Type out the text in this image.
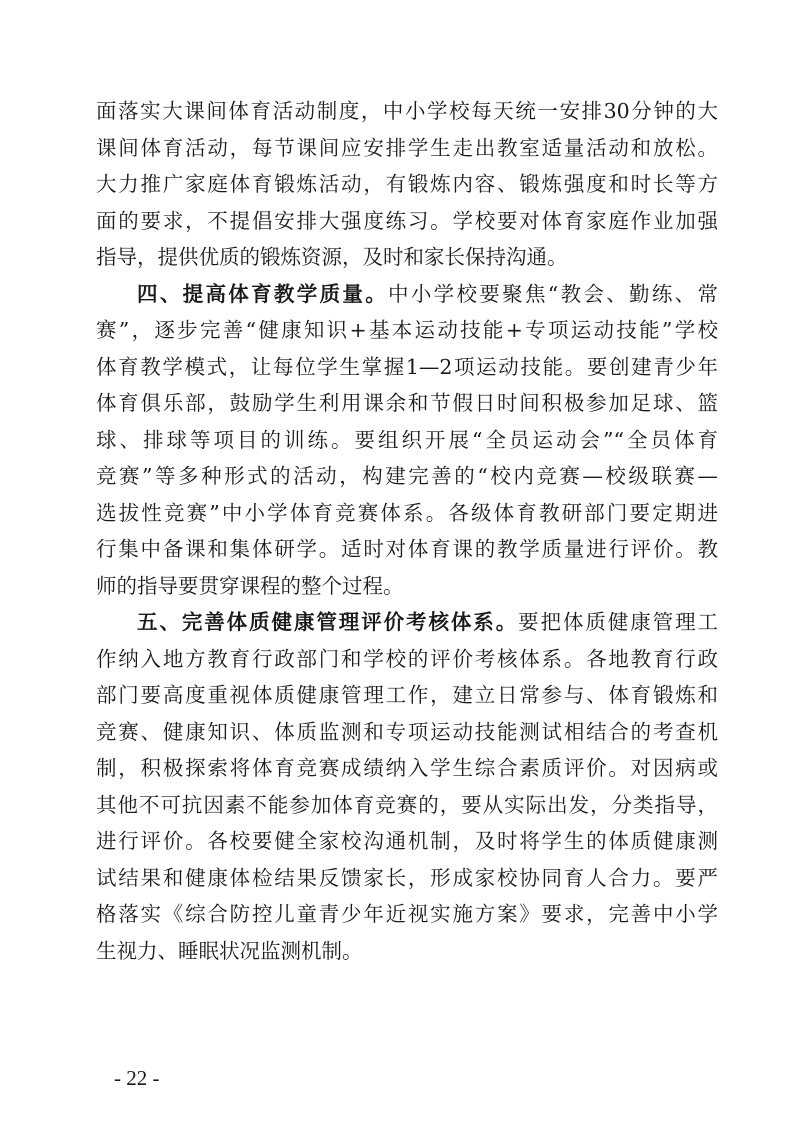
面落实大课间体育活动制度，中小学校每天统一安排30分钟的大
课间体育活动，每节课间应安排学生走出教室适量活动和放松。
大力推广家庭体育锻炼活动，有锻炼内容、锻炼强度和时长等方
面的要求，不提倡安排大强度练习。学校要对体育家庭作业加强
指导，提供优质的锻炼资源，及时和家长保持沟通。
四、提高体育教学质量。中小学校要聚焦“教会、勤练、常
赛”，逐步完善“健康知识+基本运动技能+专项运动技能”学校
体育教学模式，让每位学生掌握1—2项运动技能。要创建青少年
体育俱乐部，鼓励学生利用课余和节假日时间积极参加足球、篮
球、排球等项目的训练。要组织开展“全员运动会”“全员体育
竞赛”等多种形式的活动，构建完善的“校内竞赛—校级联赛—
选拔性竞赛”中小学体育竞赛体系。各级体育教研部门要定期进
行集中备课和集体研学。适时对体育课的教学质量进行评价。教
师的指导要贯穿课程的整个过程。
五、完善体质健康管理评价考核体系。要把体质健康管理工
作纳入地方教育行政部门和学校的评价考核体系。各地教育行政
部门要高度重视体质健康管理工作，建立日常参与、体育锻炼和
竞赛、健康知识、体质监测和专项运动技能测试相结合的考查机
制，积极探索将体育竞赛成绩纳入学生综合素质评价。对因病或
其他不可抗因素不能参加体育竞赛的，要从实际出发，分类指导，
进行评价。各校要健全家校沟通机制，及时将学生的体质健康测
试结果和健康体检结果反馈家长，形成家校协同育人合力。要严
格落实《综合防控儿童青少年近视实施方案》要求，完善中小学
生视力、睡眠状况监测机制。
- 22 -
